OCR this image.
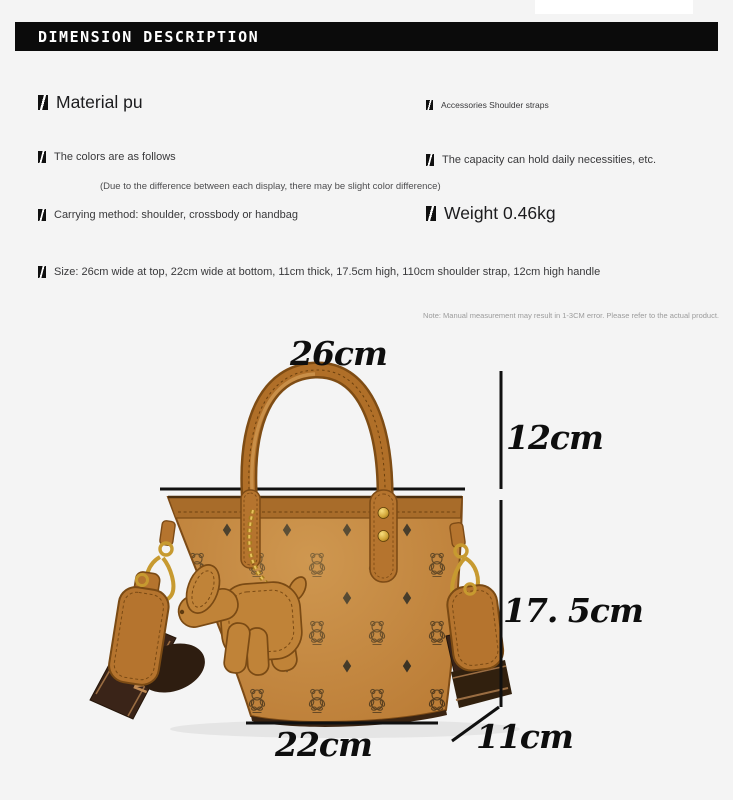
DIMENSION DESCRIPTION
Material pu
The colors are as follows
(Due to the difference between each display, there may be slight color difference)
Carrying method: shoulder, crossbody or handbag
Size: 26cm wide at top, 22cm wide at bottom, 11cm thick, 17.5cm high, 110cm shoulder strap, 12cm high handle
Accessories Shoulder straps
The capacity can hold daily necessities, etc.
Weight 0.46kg
Note: Manual measurement may result in 1-3CM error. Please refer to the actual product.
26cm
12cm
17. 5cm
22cm	11cm
